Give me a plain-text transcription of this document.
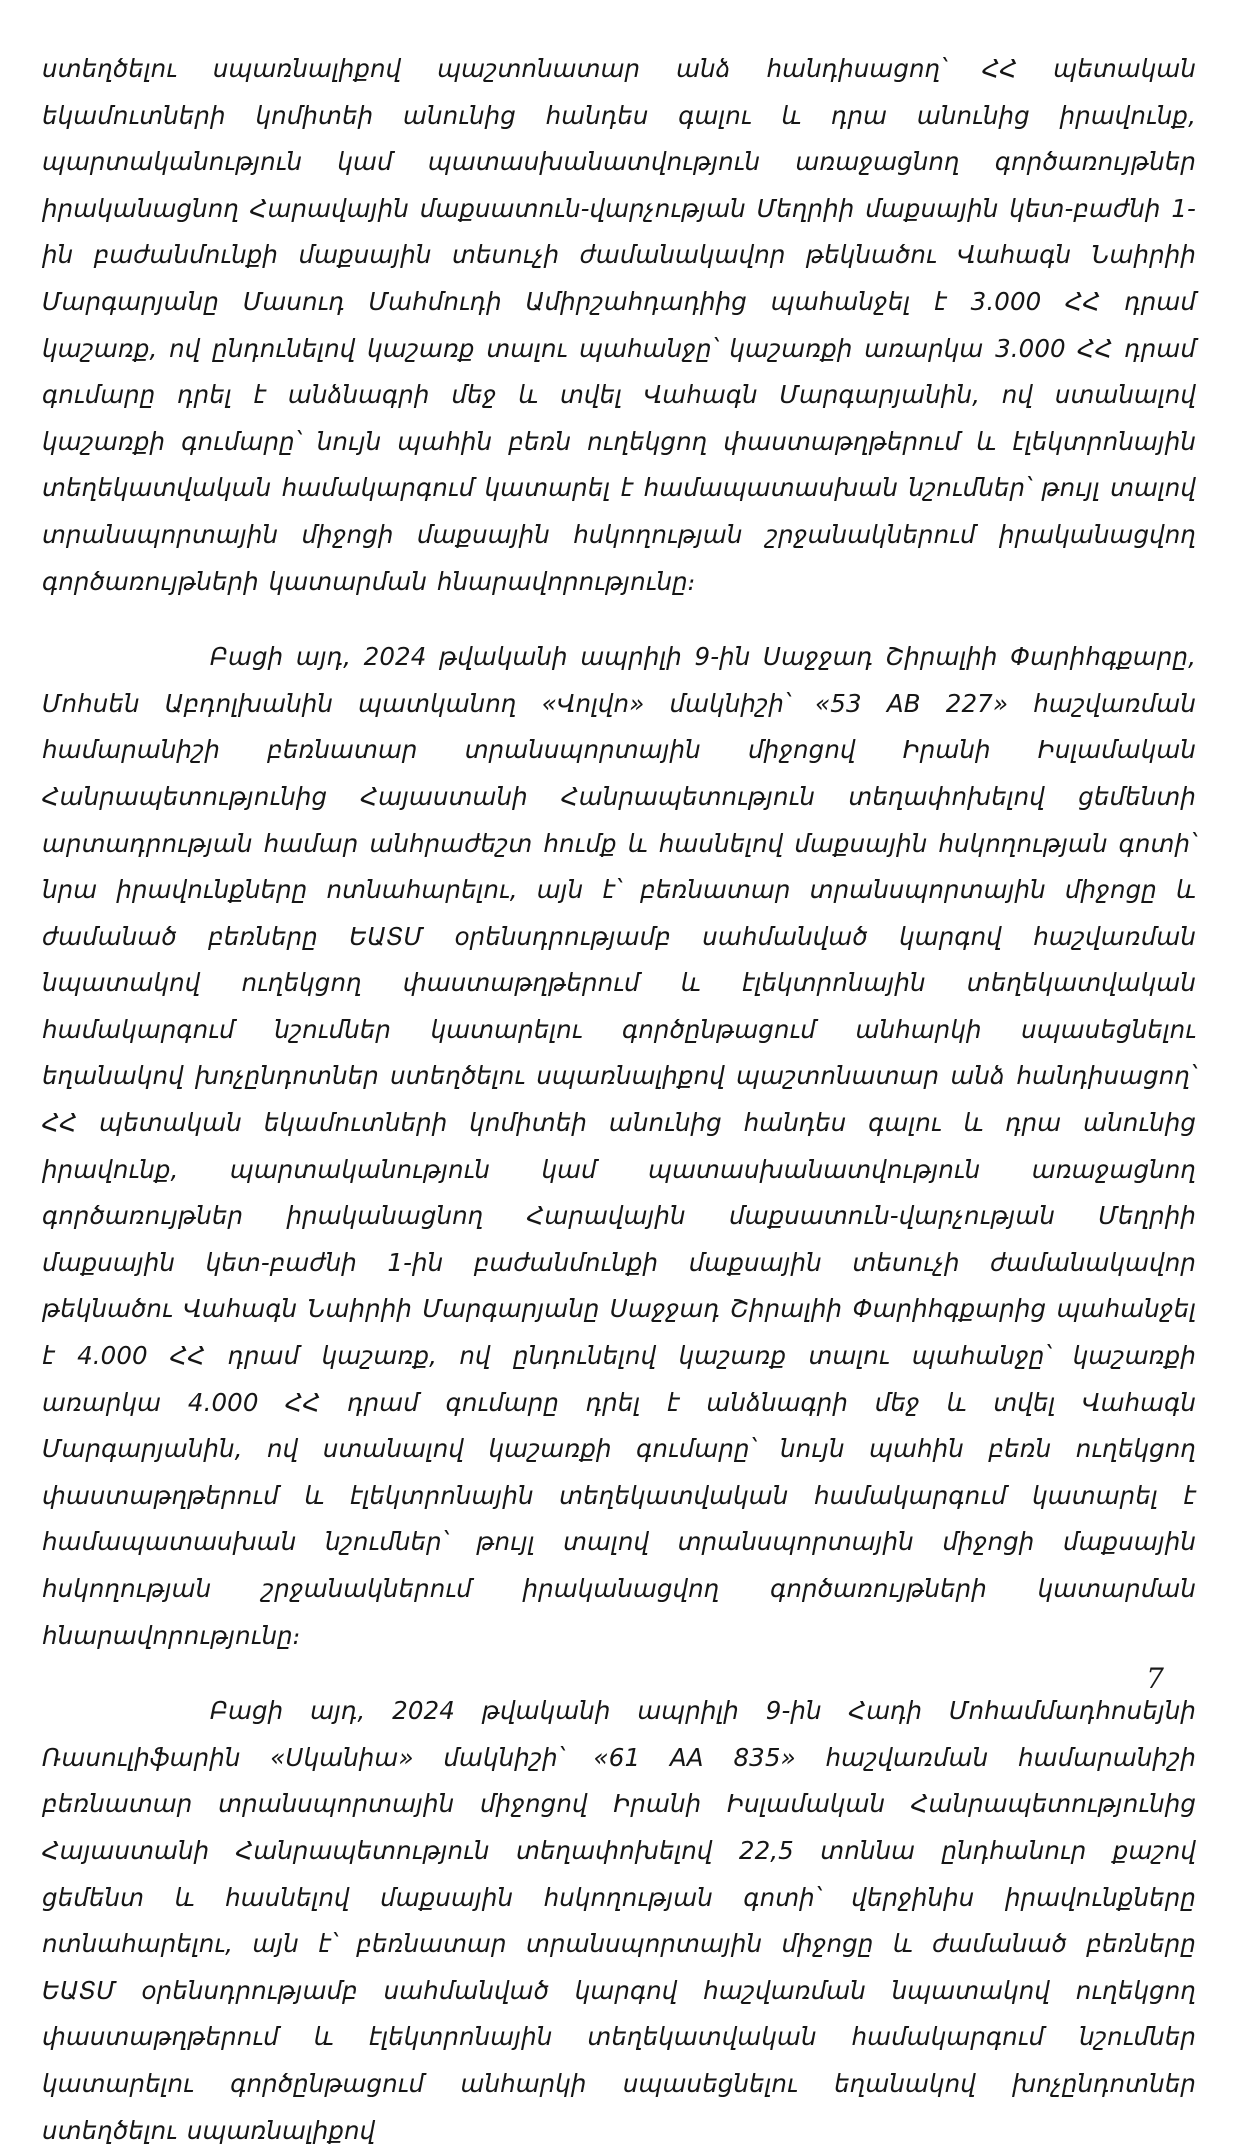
ստեղծելու սպառնալիքով պաշտոնատար անձ հանդիսացող՝ ՀՀ պետական եկամուտների կոմիտեի անունից հանդես գալու և դրա անունից իրավունք, պարտականություն կամ պատասխանատվություն առաջացնող գործառույթներ իրականացնող Հարավային մաքսատուն-վարչության Մեղրիի մաքսային կետ-բաժնի 1-ին բաժանմունքի մաքսային տեսուչի ժամանակավոր թեկնածու Վահագն Նաիրիի Մարգարյանը Մասուդ Մահմուդի Ամիրշահդադիից պահանջել է 3.000 ՀՀ դրամ կաշառք, ով ընդունելով կաշառք տալու պահանջը՝ կաշառքի առարկա 3.000 ՀՀ դրամ գումարը դրել է անձնագրի մեջ և տվել Վահագն Մարգարյանին, ով ստանալով կաշառքի գումարը՝ նույն պահին բեռն ուղեկցող փաստաթղթերում և էլեկտրոնային տեղեկատվական համակարգում կատարել է համապատասխան նշումներ՝ թույլ տալով տրանսպորտային միջոցի մաքսային հսկողության շրջանակներում իրականացվող գործառույթների կատարման հնարավորությունը։

Բացի այդ, 2024 թվականի ապրիլի 9-ին Սաջջադ Շիրալիի Փարիհգքարը, Մոհսեն Աբդոլխանին պատկանող «Վոլվո» մակնիշի՝ «53 AB 227» հաշվառման համարանիշի բեռնատար տրանսպորտային միջոցով Իրանի Իսլամական Հանրապետությունից Հայաստանի Հանրապետություն տեղափոխելով ցեմենտի արտադրության համար անհրաժեշտ հումք և հասնելով մաքսային հսկողության գոտի՝ նրա իրավունքները ոտնահարելու, այն է՝ բեռնատար տրանսպորտային միջոցը և ժամանած բեռները ԵԱՏՄ օրենսդրությամբ սահմանված կարգով հաշվառման նպատակով ուղեկցող փաստաթղթերում և էլեկտրոնային տեղեկատվական համակարգում նշումներ կատարելու գործընթացում անհարկի սպասեցնելու եղանակով խոչընդոտներ ստեղծելու սպառնալիքով պաշտոնատար անձ հանդիսացող՝ ՀՀ պետական եկամուտների կոմիտեի անունից հանդես գալու և դրա անունից իրավունք, պարտականություն կամ պատասխանատվություն առաջացնող գործառույթներ իրականացնող Հարավային մաքսատուն-վարչության Մեղրիի մաքսային կետ-բաժնի 1-ին բաժանմունքի մաքսային տեսուչի ժամանակավոր թեկնածու Վահագն Նաիրիի Մարգարյանը Սաջջադ Շիրալիի Փարիհգքարից պահանջել է 4.000 ՀՀ դրամ կաշառք, ով ընդունելով կաշառք տալու պահանջը՝ կաշառքի առարկա 4.000 ՀՀ դրամ գումարը դրել է անձնագրի մեջ և տվել Վահագն Մարգարյանին, ով ստանալով կաշառքի գումարը՝ նույն պահին բեռն ուղեկցող փաստաթղթերում և էլեկտրոնային տեղեկատվական համակարգում կատարել է համապատասխան նշումներ՝ թույլ տալով տրանսպորտային միջոցի մաքսային հսկողության շրջանակներում իրականացվող գործառույթների կատարման հնարավորությունը։

Բացի այդ, 2024 թվականի ապրիլի 9-ին Հադի Մոհամմադհոսեյնի Ռասուլիֆարին «Սկանիա» մակնիշի՝ «61 AA 835» հաշվառման համարանիշի բեռնատար տրանսպորտային միջոցով Իրանի Իսլամական Հանրապետությունից Հայաստանի Հանրապետություն տեղափոխելով 22,5 տոննա ընդհանուր քաշով ցեմենտ և հասնելով մաքսային հսկողության գոտի՝ վերջինիս իրավունքները ոտնահարելու, այն է՝ բեռնատար տրանսպորտային միջոցը և ժամանած բեռները ԵԱՏՄ օրենսդրությամբ սահմանված կարգով հաշվառման նպատակով ուղեկցող փաստաթղթերում և էլեկտրոնային տեղեկատվական համակարգում նշումներ կատարելու գործընթացում անհարկի սպասեցնելու եղանակով խոչընդոտներ ստեղծելու սպառնալիքով

7
